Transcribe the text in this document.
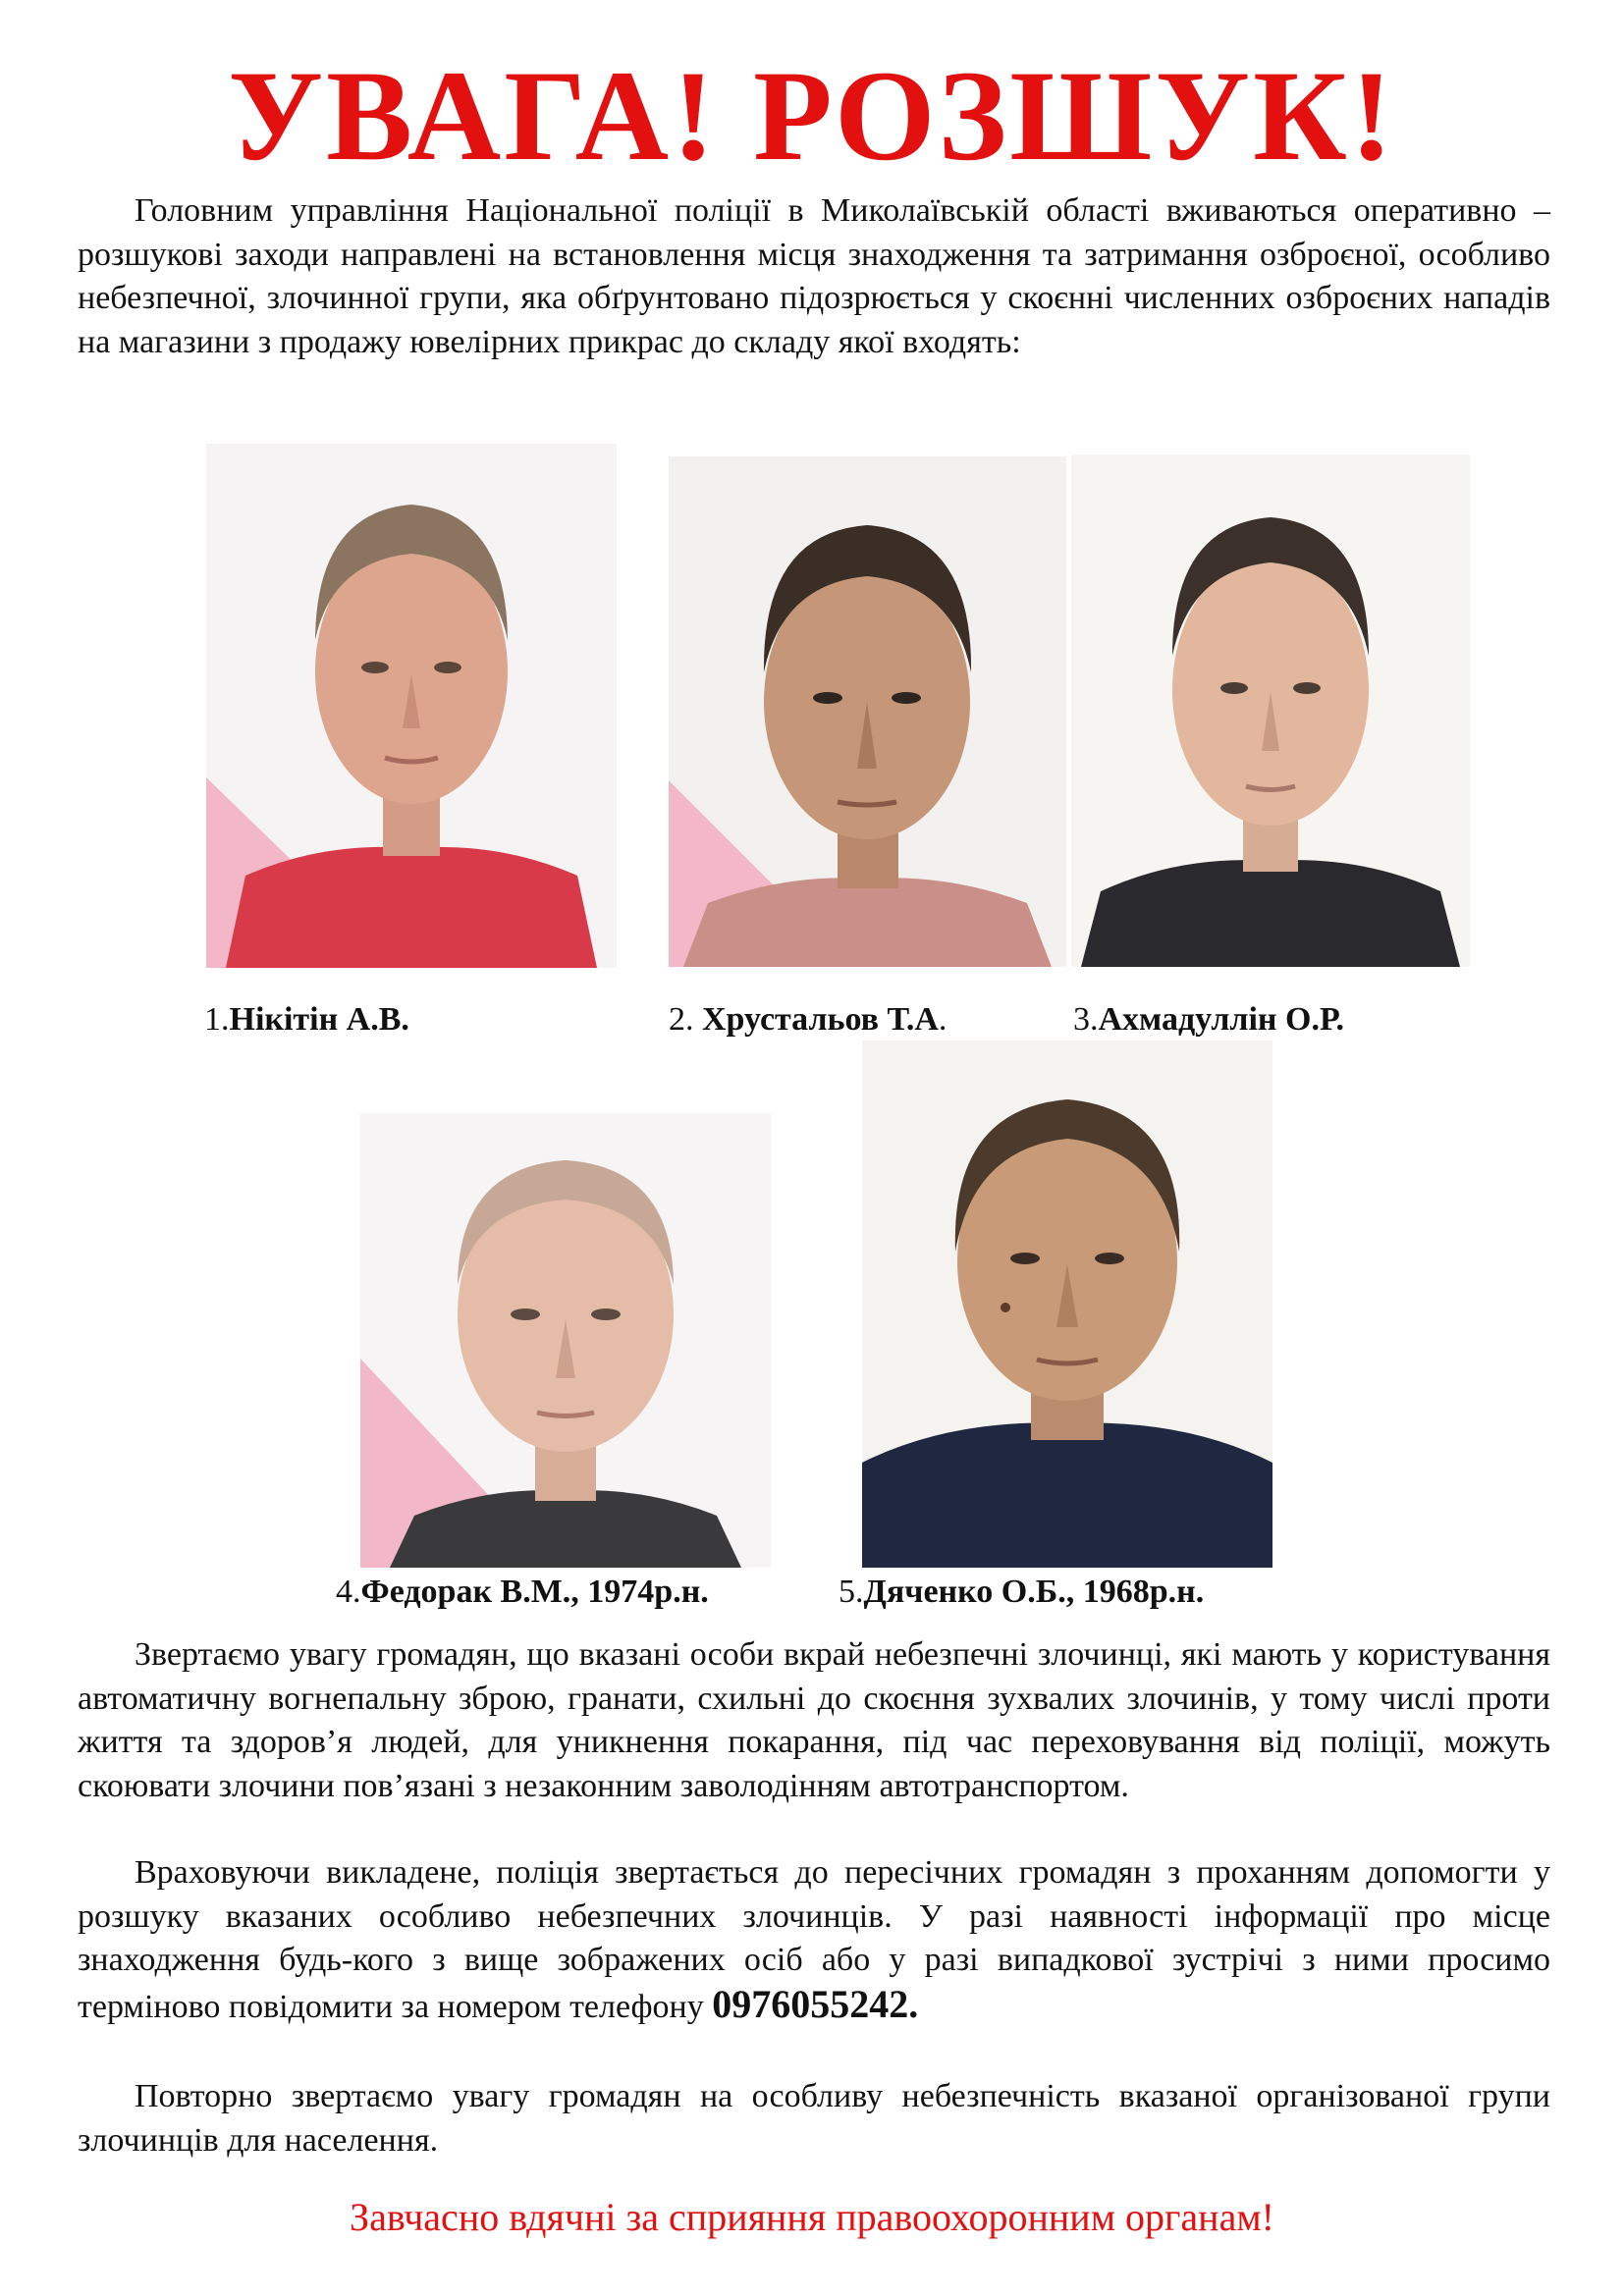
УВАГА! РОЗШУК!

Головним управління Національної поліції в Миколаївській області вживаються оперативно – розшукові заходи направлені на встановлення місця знаходження та затримання озброєної, особливо небезпечної, злочинної групи, яка обґрунтовано підозрюється у скоєнні численних озброєних нападів на магазини з продажу ювелірних прикрас до складу якої входять:

1.Нікітін А.В.	2. Хрустальов Т.А.	3.Ахмадуллін О.Р.
4.Федорак В.М., 1974р.н.	5.Дяченко О.Б., 1968р.н.

Звертаємо увагу громадян, що вказані особи вкрай небезпечні злочинці, які мають у користування автоматичну вогнепальну зброю, гранати, схильні до скоєння зухвалих злочинів, у тому числі проти життя та здоров’я людей, для уникнення покарання, під час переховування від поліції, можуть скоювати злочини пов’язані з незаконним заволодінням автотранспортом.

Враховуючи викладене, поліція звертається до пересічних громадян з проханням допомогти у розшуку вказаних особливо небезпечних злочинців. У разі наявності інформації про місце знаходження будь-кого з вище зображених осіб або у разі випадкової зустрічі з ними просимо терміново повідомити за номером телефону 0976055242.

Повторно звертаємо увагу громадян на особливу небезпечність вказаної організованої групи злочинців для населення.

Завчасно вдячні за сприяння правоохоронним органам!
